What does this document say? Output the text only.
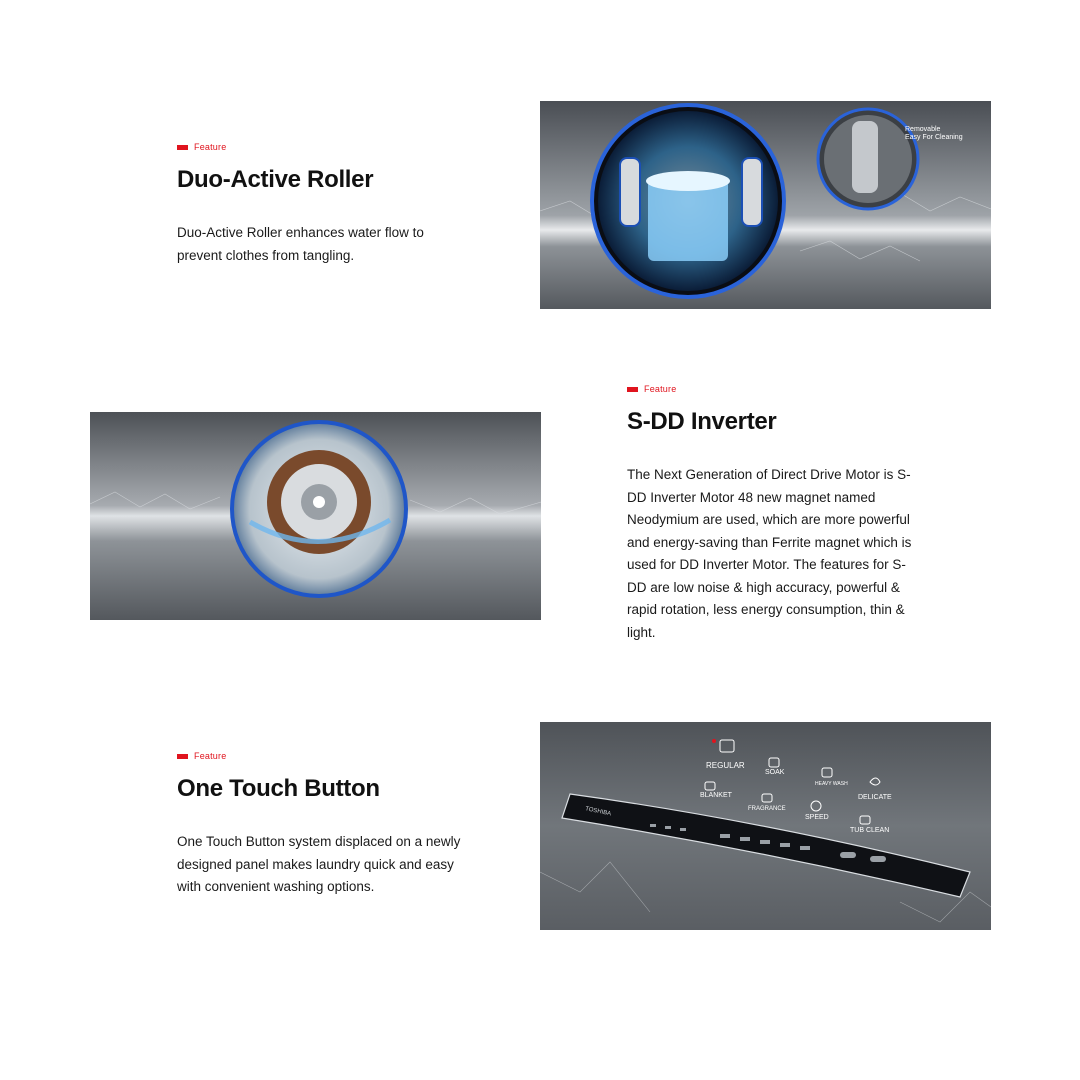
Feature
Duo-Active Roller
Duo-Active Roller enhances water flow to prevent clothes from tangling.
Removable
Easy For Cleaning
Feature
S-DD Inverter
The Next Generation of Direct Drive Motor is S-DD Inverter Motor 48 new magnet named Neodymium are used, which are more powerful and energy-saving than Ferrite magnet which is used for DD Inverter Motor. The features for S-DD are low noise & high accuracy, powerful & rapid rotation, less energy consumption, thin & light.
Feature
One Touch Button
One Touch Button system displaced on a newly designed panel makes laundry quick and easy with convenient washing options.
TOSHIBA
REGULAR
SOAK
HEAVY WASH
BLANKET
FRAGRANCE
SPEED
DELICATE
TUB CLEAN
